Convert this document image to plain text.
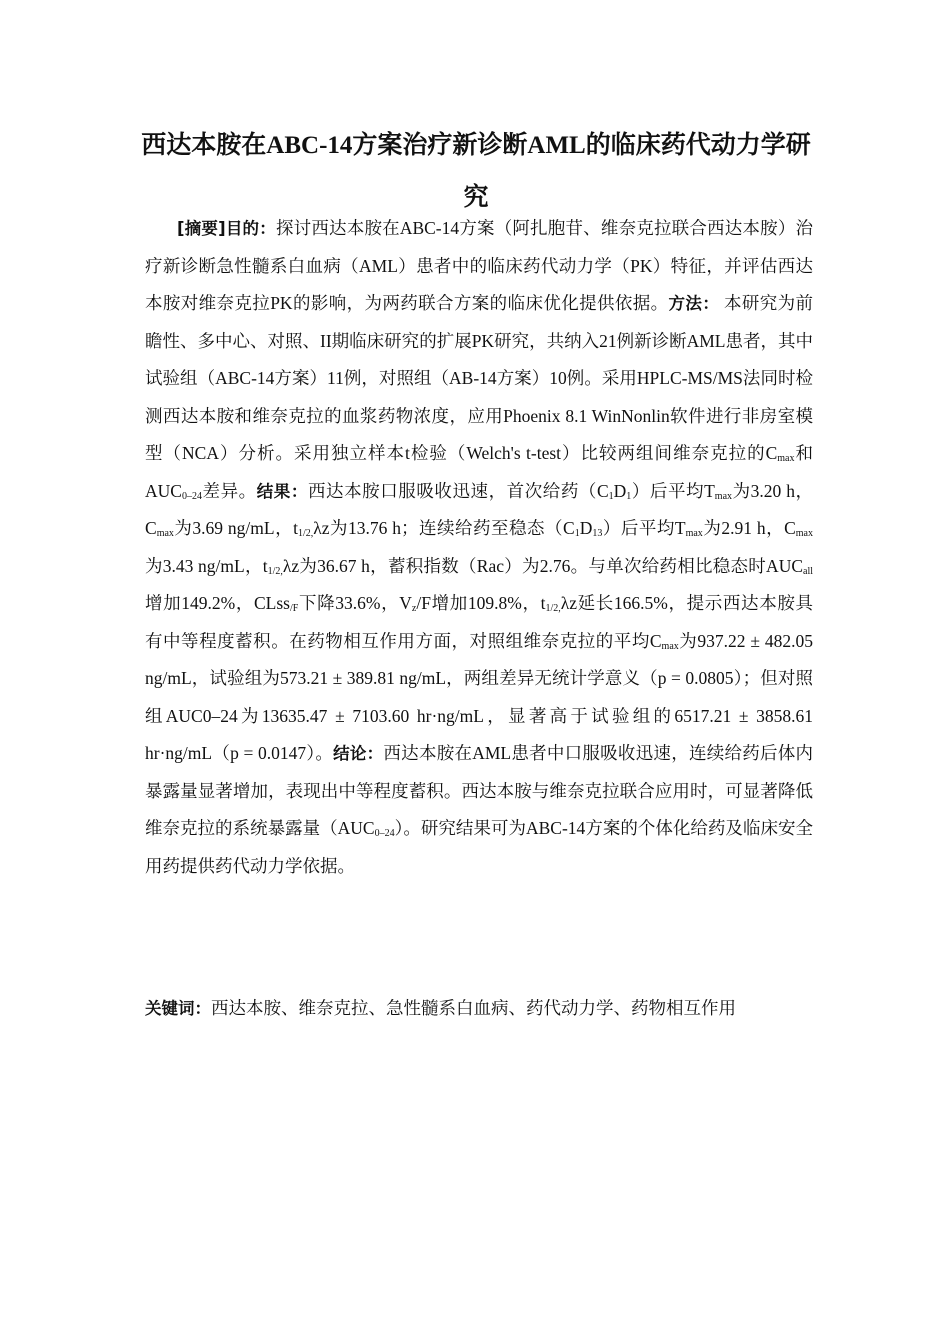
西达本胺在ABC-14方案治疗新诊断AML的临床药代动力学研究

[摘要]目的：探讨西达本胺在ABC-14方案（阿扎胞苷、维奈克拉联合西达本胺）治疗新诊断急性髓系白血病（AML）患者中的临床药代动力学（PK）特征，并评估西达本胺对维奈克拉PK的影响，为两药联合方案的临床优化提供依据。方法： 本研究为前瞻性、多中心、对照、II期临床研究的扩展PK研究，共纳入21例新诊断AML患者，其中试验组（ABC-14方案）11例，对照组（AB-14方案）10例。采用HPLC-MS/MS法同时检测西达本胺和维奈克拉的血浆药物浓度，应用Phoenix 8.1 WinNonlin软件进行非房室模型（NCA）分析。采用独立样本t检验（Welch's t-test）比较两组间维奈克拉的$C_{max}$和$AUC_{0-24}$差异。结果：西达本胺口服吸收迅速，首次给药$(C_1D_1)$后平均$T_{max}$为3.20 h，$C_{max}$为3.69 ng/mL，$t_{1/2,}\lambda z$为13.76 h；连续给药至稳态$(C_1D_{13})$后平均$T_{max}$为2.91 h，$C_{max}$为3.43 ng/mL，$t_{1/2,}\lambda z$为36.67 h，蓄积指数（Rac）为2.76。与单次给药相比稳态时$AUC_{all}$增加149.2%，CLss$_{/F}$下降33.6%，$V_z/F$增加109.8%，$t_{1/2,}\lambda z$延长166.5%，提示西达本胺具有中等程度蓄积。在药物相互作用方面，对照组维奈克拉的平均$C_{max}$为937.22 ± 482.05 ng/mL，试验组为573.21 ± 389.81 ng/mL，两组差异无统计学意义（p = 0.0805）；但对照组AUC0–24为13635.47 ± 7103.60 hr·ng/mL，显著高于试验组的6517.21 ± 3858.61 hr·ng/mL（p = 0.0147）。结论：西达本胺在AML患者中口服吸收迅速，连续给药后体内暴露量显著增加，表现出中等程度蓄积。西达本胺与维奈克拉联合应用时，可显著降低维奈克拉的系统暴露量$(AUC_{0-24})$。研究结果可为ABC-14方案的个体化给药及临床安全用药提供药代动力学依据。

关键词：西达本胺、维奈克拉、急性髓系白血病、药代动力学、药物相互作用
